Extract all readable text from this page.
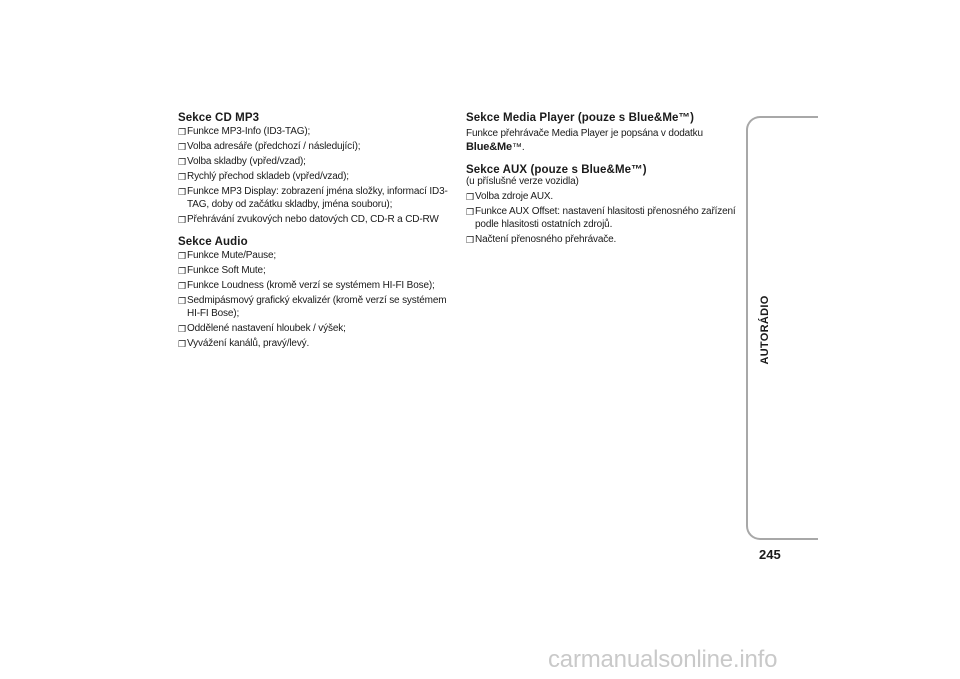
Sekce CD MP3
❒ Funkce MP3-Info (ID3-TAG);
❒ Volba adresáře (předchozí / následující);
❒ Volba skladby (vpřed/vzad);
❒ Rychlý přechod skladeb (vpřed/vzad);
❒ Funkce MP3 Display: zobrazení jména složky, informací ID3-TAG, doby od začátku skladby, jména souboru);
❒ Přehrávání zvukových nebo datových CD, CD-R a CD-RW
Sekce Audio
❒ Funkce Mute/Pause;
❒ Funkce Soft Mute;
❒ Funkce Loudness (kromě verzí se systémem HI-FI Bose);
❒ Sedmipásmový grafický ekvalizér (kromě verzí se systémem HI-FI Bose);
❒ Oddělené nastavení hloubek / výšek;
❒ Vyvážení kanálů, pravý/levý.
Sekce Media Player (pouze s Blue&Me™)
Funkce přehrávače Media Player je popsána v dodatku
Blue&Me™.
Sekce AUX (pouze s Blue&Me™)
(u příslušné verze vozidla)
❒ Volba zdroje AUX.
❒ Funkce AUX Offset: nastavení hlasitosti přenosného zařízení podle hlasitosti ostatních zdrojů.
❒ Načtení přenosného přehrávače.
AUTORÁDIO
245
carmanualsonline.info
